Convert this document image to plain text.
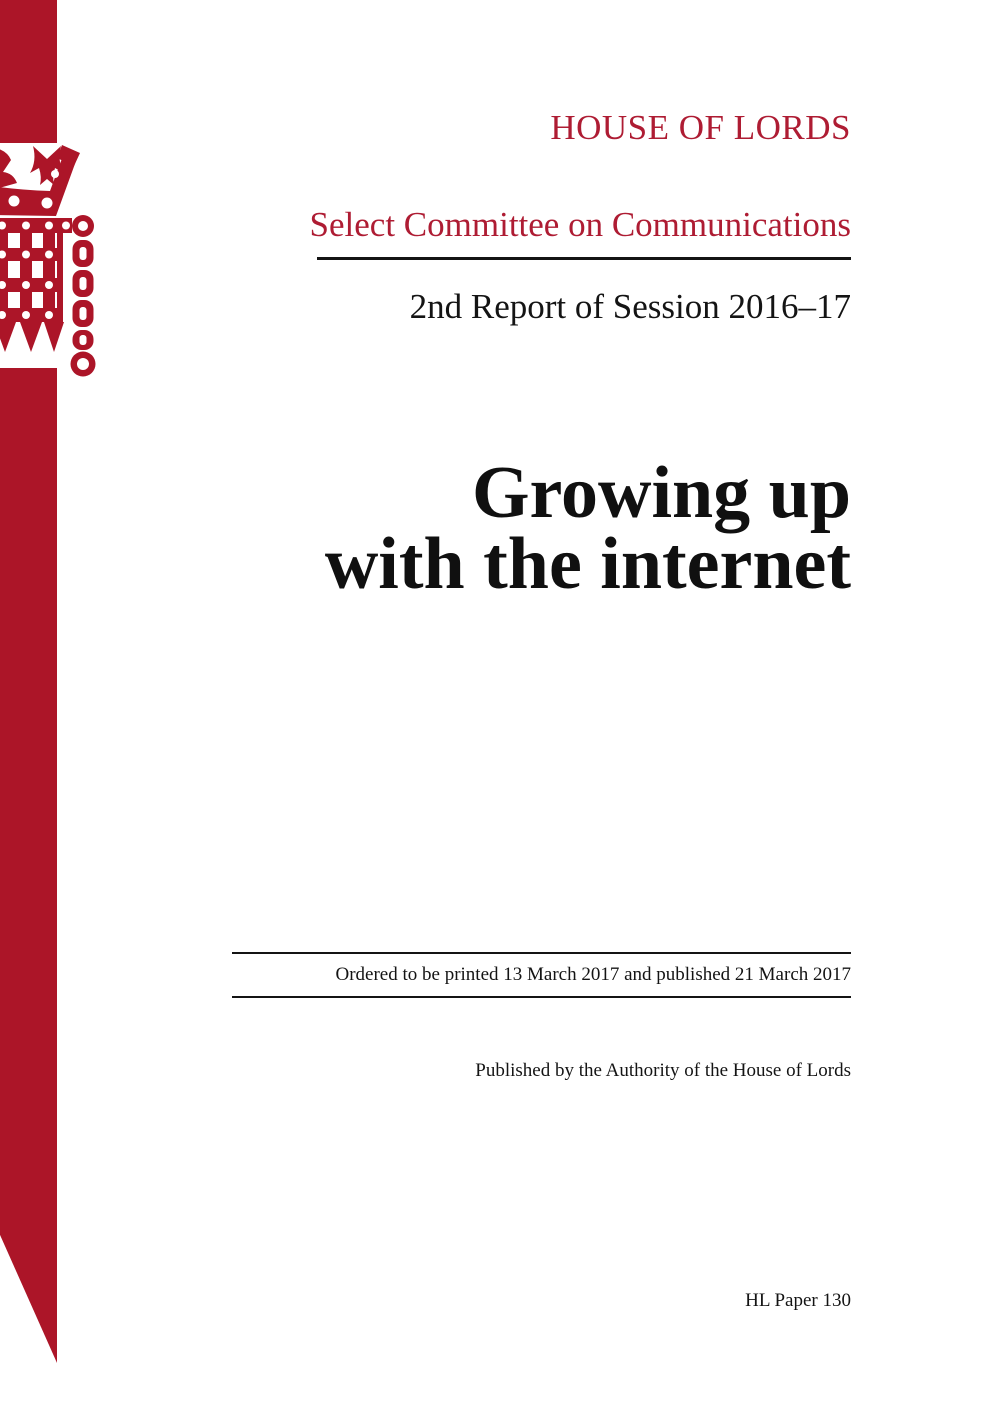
HOUSE OF LORDS
Select Committee on Communications
2nd Report of Session 2016–17
Growing up
with the internet
Ordered to be printed 13 March 2017 and published 21 March 2017
Published by the Authority of the House of Lords
HL Paper 130
